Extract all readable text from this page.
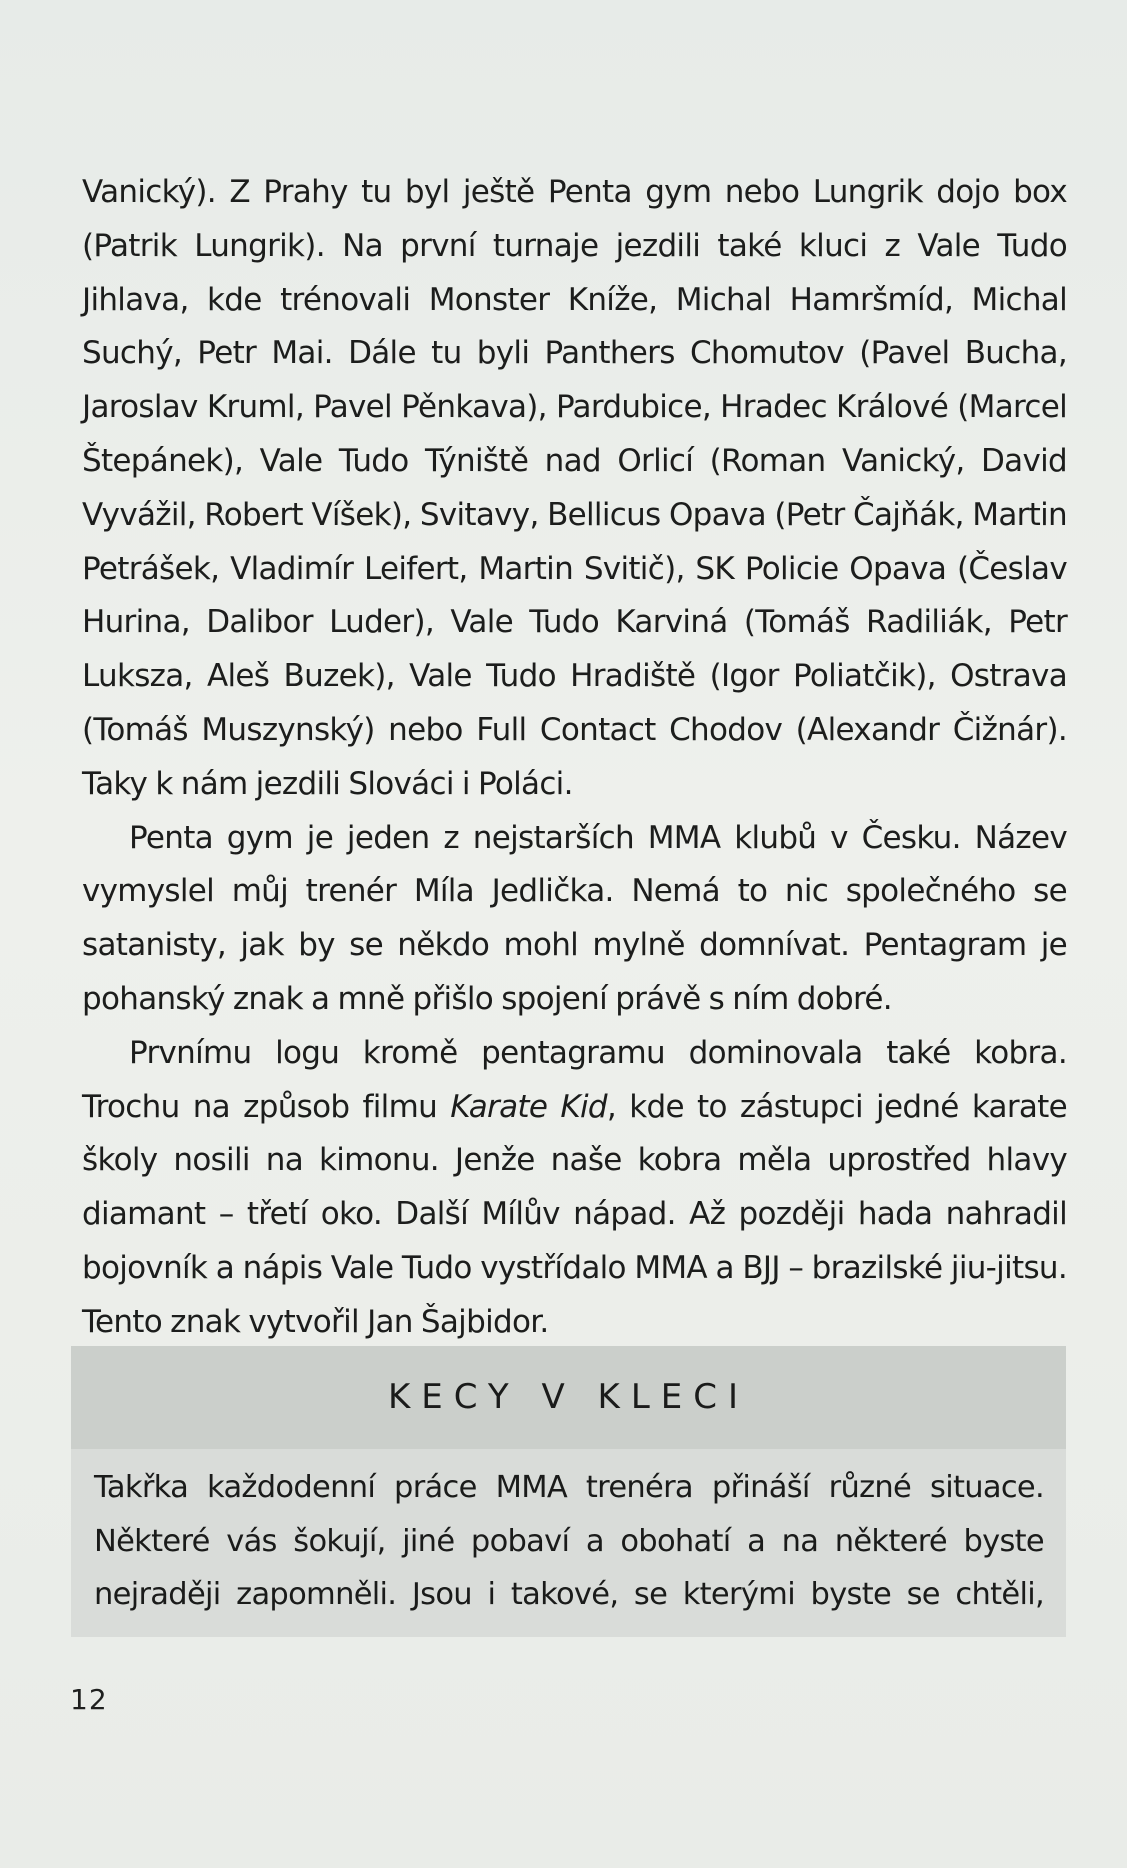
Vanický). Z Prahy tu byl ještě Penta gym nebo Lungrik dojo box (Patrik Lungrik). Na první turnaje jezdili také kluci z Vale Tudo Jihlava, kde trénovali Monster Kníže, Michal Hamršmíd, Michal Suchý, Petr Mai. Dále tu byli Panthers Chomutov (Pavel Bucha, Jaroslav Kruml, Pavel Pěnkava), Pardubice, Hradec Králové (Marcel Štepánek), Vale Tudo Týniště nad Orlicí (Roman Vanický, David Vyvážil, Robert Víšek), Svitavy, Bellicus Opava (Petr Čajňák, Martin Petrášek, Vladimír Leifert, Martin Svitič), SK Policie Opava (Česlav Hurina, Dalibor Luder), Vale Tudo Karviná (Tomáš Radiliák, Petr Luksza, Aleš Buzek), Vale Tudo Hradiště (Igor Poliatčik), Ostrava (Tomáš Muszynský) nebo Full Contact Chodov (Alexandr Čižnár). Taky k nám jezdili Slováci i Poláci.

Penta gym je jeden z nejstarších MMA klubů v Česku. Název vymyslel můj trenér Míla Jedlička. Nemá to nic společného se satanisty, jak by se někdo mohl mylně domnívat. Pentagram je pohanský znak a mně přišlo spojení právě s ním dobré.

Prvnímu logu kromě pentagramu dominovala také kobra. Trochu na způsob filmu Karate Kid, kde to zástupci jedné karate školy nosili na kimonu. Jenže naše kobra měla uprostřed hlavy diamant – třetí oko. Další Mílův nápad. Až později hada nahradil bojovník a nápis Vale Tudo vystřídalo MMA a BJJ – brazilské jiu-jitsu. Tento znak vytvořil Jan Šajbidor.

KECY V KLECI

Takřka každodenní práce MMA trenéra přináší různé situace. Některé vás šokují, jiné pobaví a obohatí a na některé byste nejraději zapomněli. Jsou i takové, se kterými byste se chtěli,

12
